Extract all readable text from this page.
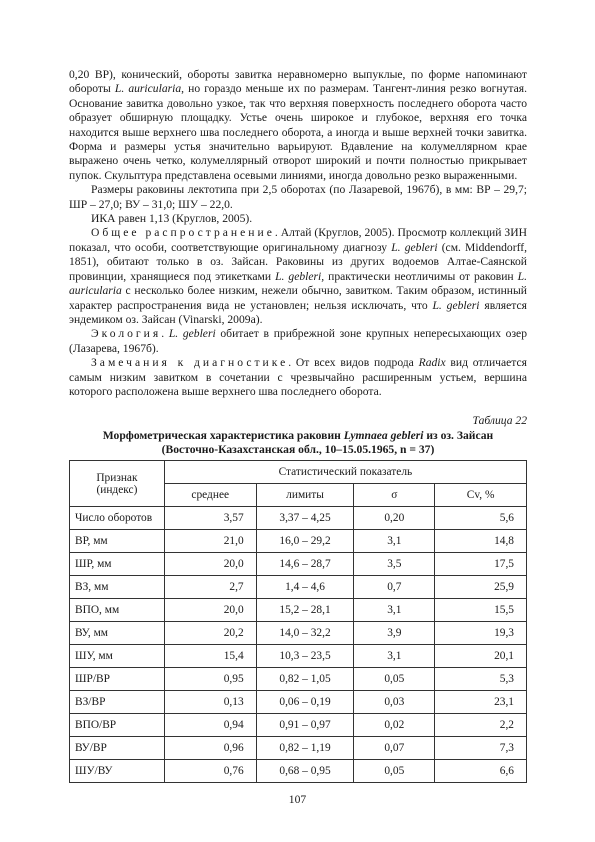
0,20 ВР), конический, обороты завитка неравномерно выпуклые, по форме напоминают обороты L. auricularia, но гораздо меньше их по размерам. Тангент-линия резко вогнутая. Основание завитка довольно узкое, так что верхняя поверхность последнего оборота часто образует обширную площадку. Устье очень широкое и глубокое, верхняя его точка находится выше верхнего шва последнего оборота, а иногда и выше верхней точки завитка. Форма и размеры устья значительно варьируют. Вдавление на колумеллярном крае выражено очень четко, колумеллярный отворот широкий и почти полностью прикрывает пупок. Скульптура представлена осевыми линиями, иногда довольно резко выраженными.

Размеры раковины лектотипа при 2,5 оборотах (по Лазаревой, 1967б), в мм: ВР – 29,7; ШР – 27,0; ВУ – 31,0; ШУ – 22,0.

ИКА равен 1,13 (Круглов, 2005).

Общее распространение. Алтай (Круглов, 2005). Просмотр коллекций ЗИН показал, что особи, соответствующие оригинальному диагнозу L. gebleri (см. Middendorff, 1851), обитают только в оз. Зайсан. Раковины из других водоемов Алтае-Саянской провинции, хранящиеся под этикетками L. gebleri, практически неотличимы от раковин L. auricularia с несколько более низким, нежели обычно, завитком. Таким образом, истинный характер распространения вида не установлен; нельзя исключать, что L. gebleri является эндемиком оз. Зайсан (Vinarski, 2009a).

Экология. L. gebleri обитает в прибрежной зоне крупных непересыхающих озер (Лазарева, 1967б).

Замечания к диагностике. От всех видов подрода Radix вид отличается самым низким завитком в сочетании с чрезвычайно расширенным устьем, вершина которого расположена выше верхнего шва последнего оборота.

Таблица 22
Морфометрическая характеристика раковин Lymnaea gebleri из оз. Зайсан
(Восточно-Казахстанская обл., 10–15.05.1965, n = 37)
Признак
(индекс)	Статистический показатель			
	среднее	лимиты	σ	Cv, %
Число оборотов	3,57	3,37 – 4,25	0,20	5,6
ВР, мм	21,0	16,0 – 29,2	3,1	14,8
ШР, мм	20,0	14,6 – 28,7	3,5	17,5
ВЗ, мм	2,7	1,4 – 4,6	0,7	25,9
ВПО, мм	20,0	15,2 – 28,1	3,1	15,5
ВУ, мм	20,2	14,0 – 32,2	3,9	19,3
ШУ, мм	15,4	10,3 – 23,5	3,1	20,1
ШР/ВР	0,95	0,82 – 1,05	0,05	5,3
ВЗ/ВР	0,13	0,06 – 0,19	0,03	23,1
ВПО/ВР	0,94	0,91 – 0,97	0,02	2,2
ВУ/ВР	0,96	0,82 – 1,19	0,07	7,3
ШУ/ВУ	0,76	0,68 – 0,95	0,05	6,6
107
